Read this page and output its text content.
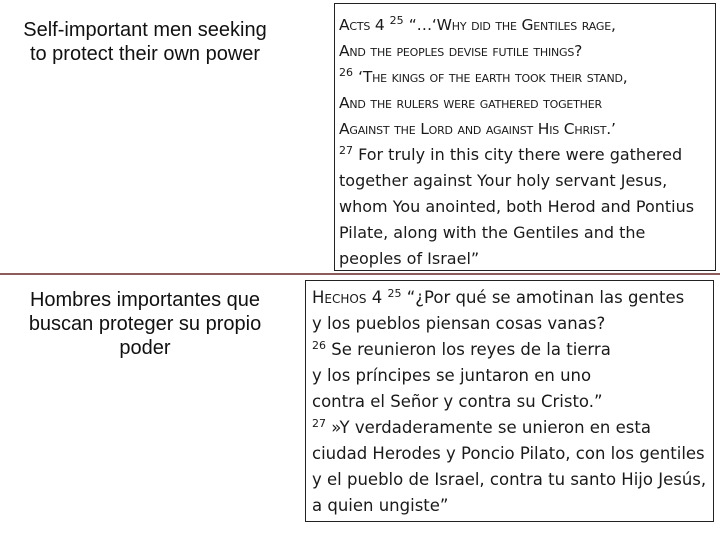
Self-important men seeking to protect their own power

Acts 4 $^{25}$ “…‘Why did the Gentiles rage,
And the peoples devise futile things?

$^{26}$ ‘The kings of the earth took their stand,
And the rulers were gathered together
Against the Lord and against His Christ.’

$^{27}$ For truly in this city there were gathered together against Your holy servant Jesus, whom You anointed, both Herod and Pontius Pilate, along with the Gentiles and the peoples of Israel”

Hombres importantes que buscan proteger su propio poder

Hechos 4 $^{25}$ “¿Por qué se amotinan las gentes
y los pueblos piensan cosas vanas?

$^{26}$ Se reunieron los reyes de la tierra
y los príncipes se juntaron en uno
contra el Señor y contra su Cristo.”

$^{27}$ »Y verdaderamente se unieron en esta ciudad Herodes y Poncio Pilato, con los gentiles y el pueblo de Israel, contra tu santo Hijo Jesús, a quien ungiste”
